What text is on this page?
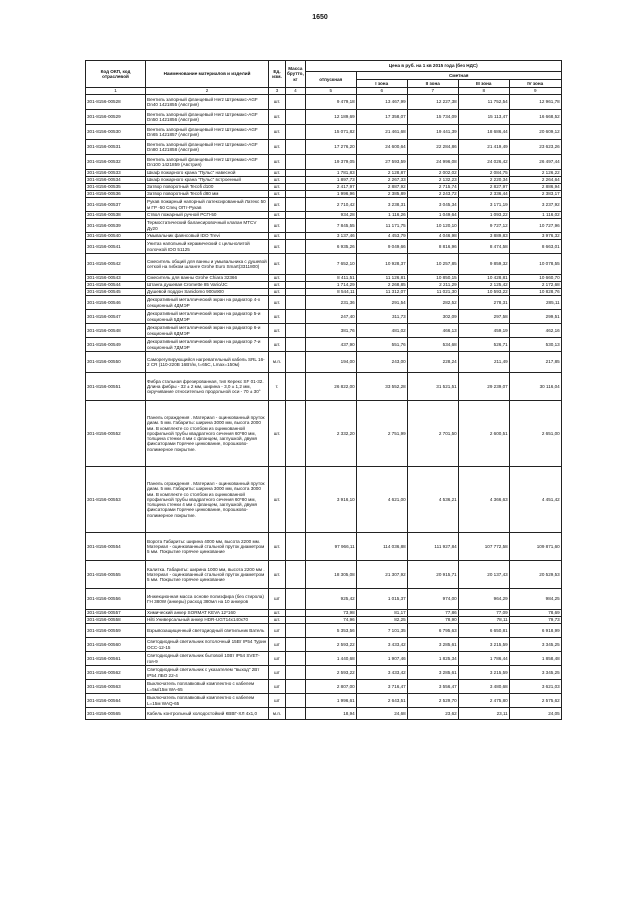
1650
Код ОКП, код отраслевой	Наименование материалов и изделий	Ед. изм.	Масса брутто, кг	Цена в руб. на 1 кв 2015 года (без НДС)				
				отпускная	Сметная			
					I зона	II зона	III зона	IV зона
1	2	3	4	5	6	7	8	9
301-8156-00528	Вентиль запорный фланцевый Herz Штремакс-AGF Dn40 1421855 (Австрия)	шт.		9 479,18	13 467,99	12 227,38	11 752,54	12 961,78
301-8156-00529	Вентиль запорный фланцевый Herz Штремакс-AGF Dn50 1421856 (Австрия)	шт.		12 189,69	17 358,07	15 734,09	15 113,47	16 668,52
301-8156-00530	Вентиль запорный фланцевый Herz Штремакс-AGF Dn65 1421857 (Австрия)	шт.		15 071,82	21 461,68	19 441,39	18 686,44	20 609,12
301-8156-00531	Вентиль запорный фланцевый Herz Штремакс-AGF Dn80 1421858 (Австрия)	шт.		17 276,20	24 600,64	22 284,86	21 419,49	23 623,26
301-8156-00532	Вентиль запорный фланцевый Herz Штремакс-AGF Dn100 1421859 (Австрия)	шт.		19 379,05	27 593,59	24 996,08	24 026,42	26 497,44
301-8156-00533	Шкаф пожарного крана "Пульс" навесной	шт.		1 781,83	2 128,87	2 002,02	2 084,75	2 126,22
301-8156-00534	Шкаф пожарного крана "Пульс" встроенный	шт.		1 897,73	2 267,33	2 132,23	2 220,34	2 264,64
301-8156-00535	Затвор поворотный Tecofi d100	шт.		2 417,97	2 887,92	2 715,74	2 827,97	2 886,94
301-8156-00536	Затвор поворотный Tecofi d80 мм	шт.		1 996,96	2 385,89	2 243,72	2 336,44	2 383,17
301-8156-00537	Рукав пожарный напорный латексированный Латекс 50 м ГР -50 Спец ОПт-Рукав	шт.		2 710,42	3 238,31	3 045,34	3 171,19	3 237,92
301-8156-00538	Ствол пожарный ручной РСП-50	шт.		934,28	1 116,26	1 049,64	1 093,22	1 116,02
301-8156-00539	Термостатический балансировочный клапан MTCV Ду20	шт.		7 845,55	11 171,75	10 120,10	9 727,12	10 727,96
301-8156-00540	Умывальник фаянсовый IDO Trevi	шт.		3 137,46	4 453,79	4 046,98	3 889,83	3 976,32
301-8156-00541	Унитаз напольный керамический с цельнолитой полочкой IDO 51125	шт.		6 935,26	9 049,66	8 816,96	8 474,58	8 663,01
301-8156-00542	Смеситель общий для ванны и умывальника с душевой сеткой на гибком шланге Grohe Euro Smart(3311800)	шт.		7 652,10	10 928,37	10 257,85	9 859,32	10 078,55
301-8156-00543	Смеситель для ванны Grohe Chiara 32366	шт.		8 411,51	11 126,81	10 850,15	10 428,81	10 660,70
301-8156-00544	Штанга душевая Cromette 85 Vario/JC	шт.		1 714,29	2 268,85	2 211,29	2 125,42	2 172,68
301-8156-00545	Душевой поддон Sanidomo 900х900	шт.		8 544,11	11 312,07	11 021,30	10 593,22	10 828,76
301-8156-00546	Декоративный металлический экран на радиатор 4-х секционный 4ДМЭР	шт.		231,36	291,54	282,52	278,31	285,11
301-8156-00547	Декоративный металлический экран на радиатор 5-и секционный 5ДМЭР	шт.		247,40	311,73	302,09	297,58	299,51
301-8156-00548	Декоративный металлический экран на радиатор 6-и секционный 6ДМЭР	шт.		381,76	481,02	466,13	459,19	462,16
301-8156-00549	Декоративный металлический экран на радиатор 7-и секционный 7ДМЭР	шт.		437,90	551,76	534,68	526,71	530,13
301-8156-00550	Саморегулирующийся нагревательный кабель SRL 16-2 CR (110-220В 16Вт/м, t=65С, Lmax=150м)	м.п.		194,00	243,00	228,24	211,49	217,85
301-8156-00551	Фибра стальная фрезерованная, тип Керекс SF 01-32. Длина фибры - 32 ± 2 мм, ширина - 3,0 ± 1,2 мм, скручивание относительно продольной оси - 70 ± 30°	т.		26 822,00	33 552,28	31 521,51	29 239,07	30 116,04
301-8156-00552	Панель ограждения . Материал - оцинкованный пруток диам. 5 мм. Габариты: ширина 3000 мм, высота 2000 мм. В комплекте со столбом из оцинкованной профильной трубы квадратного сечения 60*80 мм, толщина стенки 4 мм с фланцем, заглушкой, двумя фиксаторами Горячее цинкование, порошково-полимерное покрытие.	шт.		2 332,20	2 751,99	2 701,50	2 600,51	2 651,00
301-8156-00553	Панель ограждения . Материал - оцинкованный пруток диам. 5 мм. Габариты: ширина 3000 мм, высота 3000 мм. В комплекте со столбом из оцинкованной профильной трубы квадратного сечения 60*80 мм, толщина стенки 4 мм с фланцем, заглушкой, двумя фиксаторами Горячее цинкование, порошково-полимерное покрытие.	шт.		3 916,10	4 621,00	4 536,21	4 366,63	4 451,42
301-8156-00554	Ворота Габариты: ширина 4000 мм, высота 2200 мм. Материал - оцинкованный стальной пруток диаметром 5 мм. Покрытие горячее цинкование	шт.		97 966,11	114 036,88	111 927,84	107 772,58	109 871,60
301-8156-00555	Калитка. Габариты: ширина 1000 мм, высота 2200 мм . Материал - оцинкованный стальной пруток диаметром 5 мм. Покрытие горячее цинкование	шт.		18 305,08	21 307,92	20 915,71	20 137,43	20 529,53
301-8156-00556	Инжекционная масса основе полиэфира (без стирола) ГН 380W (анкеры) расход 380мл на 10 анкеров	шт		925,42	1 015,37	974,00	964,29	984,25
301-8156-00557	Химический анкер SORMAT KEVA 12*160	шт.		73,98	81,17	77,86	77,09	78,69
301-8156-00558	Hilti Универсальный анкер HDR-UGT14х140х70	шт.		74,96	82,25	78,90	78,11	79,73
301-8156-00559	Взрывозащищенный светодиодный светильник Ватель	шт		5 353,56	7 101,35	6 795,63	6 650,81	6 918,99
301-8156-00560	Светодиодный светильник потолочный 15Вт IP54 Турин ОСС-12-15	шт		2 593,22	3 433,42	3 285,61	3 215,59	3 345,25
301-8156-00561	Светодиодный светильник бытовой 10Вт IP54 SVET-гоя-9	шт		1 440,68	1 907,46	1 825,34	1 786,44	1 858,48
301-8156-00562	Светодиодный светильник с указателем "выход" 2Вт IP54 ЛБО 22-4	шт		2 593,22	3 433,42	3 285,61	3 215,59	3 345,25
301-8156-00563	Выключатель поплавковый комплектно с кабелем L=5м/15м WA-65	шт		2 807,00	3 716,47	3 556,47	3 480,68	3 621,03
301-8156-00564	Выключатель поплавковый комплектно с кабелем L=15м WAQ-65	шт		1 996,61	2 643,51	2 529,70	2 475,80	2 575,62
301-8156-00565	Кабель контрольный холодостойкий КВВГ-ХЛ 4х1,0	м.п.		18,94	24,68	23,62	23,11	24,05
